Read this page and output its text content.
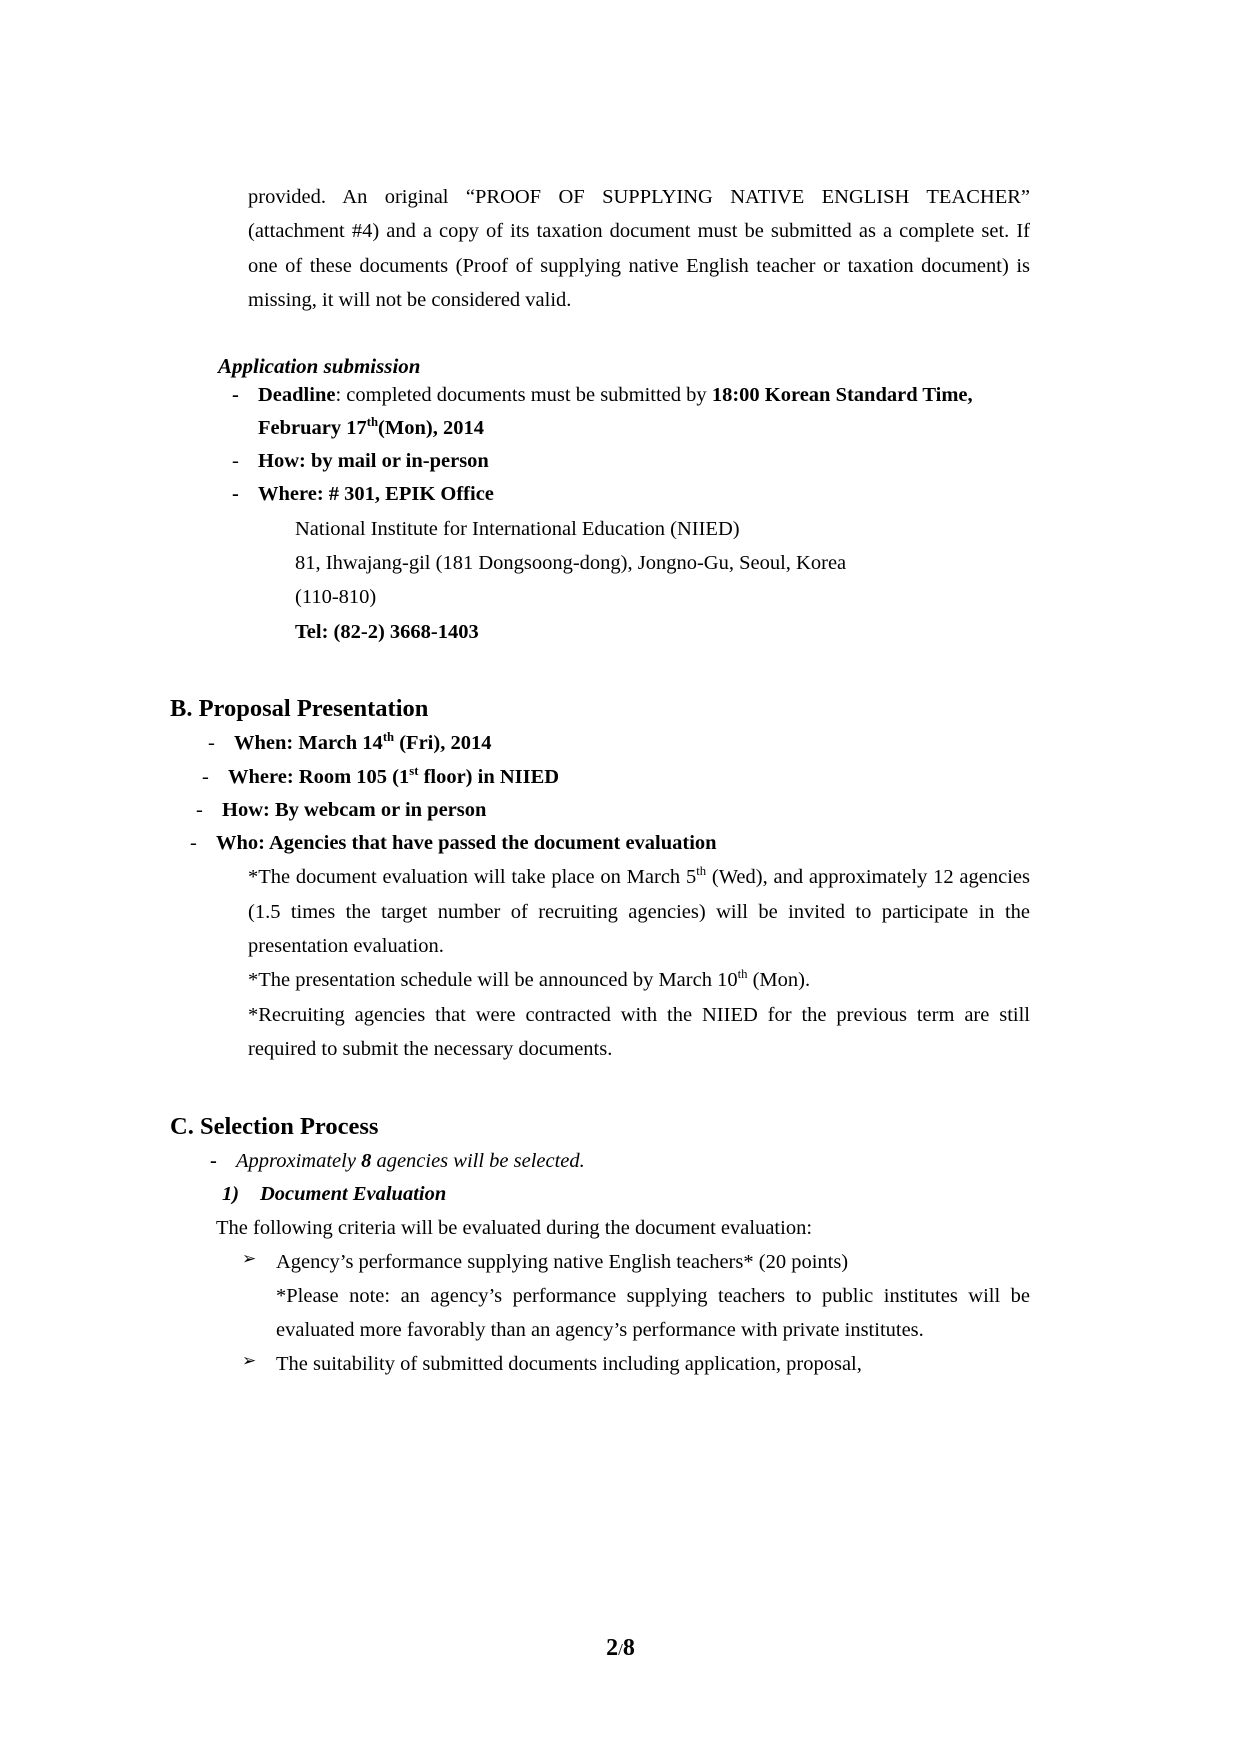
provided. An original “PROOF OF SUPPLYING NATIVE ENGLISH TEACHER” (attachment #4) and a copy of its taxation document must be submitted as a complete set. If one of these documents (Proof of supplying native English teacher or taxation document) is missing, it will not be considered valid.
Application submission
- Deadline: completed documents must be submitted by 18:00 Korean Standard Time, February 17th(Mon), 2014
- How: by mail or in-person
- Where: # 301, EPIK Office
National Institute for International Education (NIIED)
81, Ihwajang-gil (181 Dongsoong-dong), Jongno-Gu, Seoul, Korea
(110-810)
Tel: (82-2) 3668-1403
B. Proposal Presentation
- When: March 14th (Fri), 2014
- Where: Room 105 (1st floor) in NIIED
- How: By webcam or in person
- Who: Agencies that have passed the document evaluation
*The document evaluation will take place on March 5th (Wed), and approximately 12 agencies (1.5 times the target number of recruiting agencies) will be invited to participate in the presentation evaluation.
*The presentation schedule will be announced by March 10th (Mon).
*Recruiting agencies that were contracted with the NIIED for the previous term are still required to submit the necessary documents.
C. Selection Process
- Approximately 8 agencies will be selected.
1)	Document Evaluation
The following criteria will be evaluated during the document evaluation:
➢ Agency’s performance supplying native English teachers* (20 points)
*Please note: an agency’s performance supplying teachers to public institutes will be evaluated more favorably than an agency’s performance with private institutes.
➢ The suitability of submitted documents including application, proposal,
2/8
